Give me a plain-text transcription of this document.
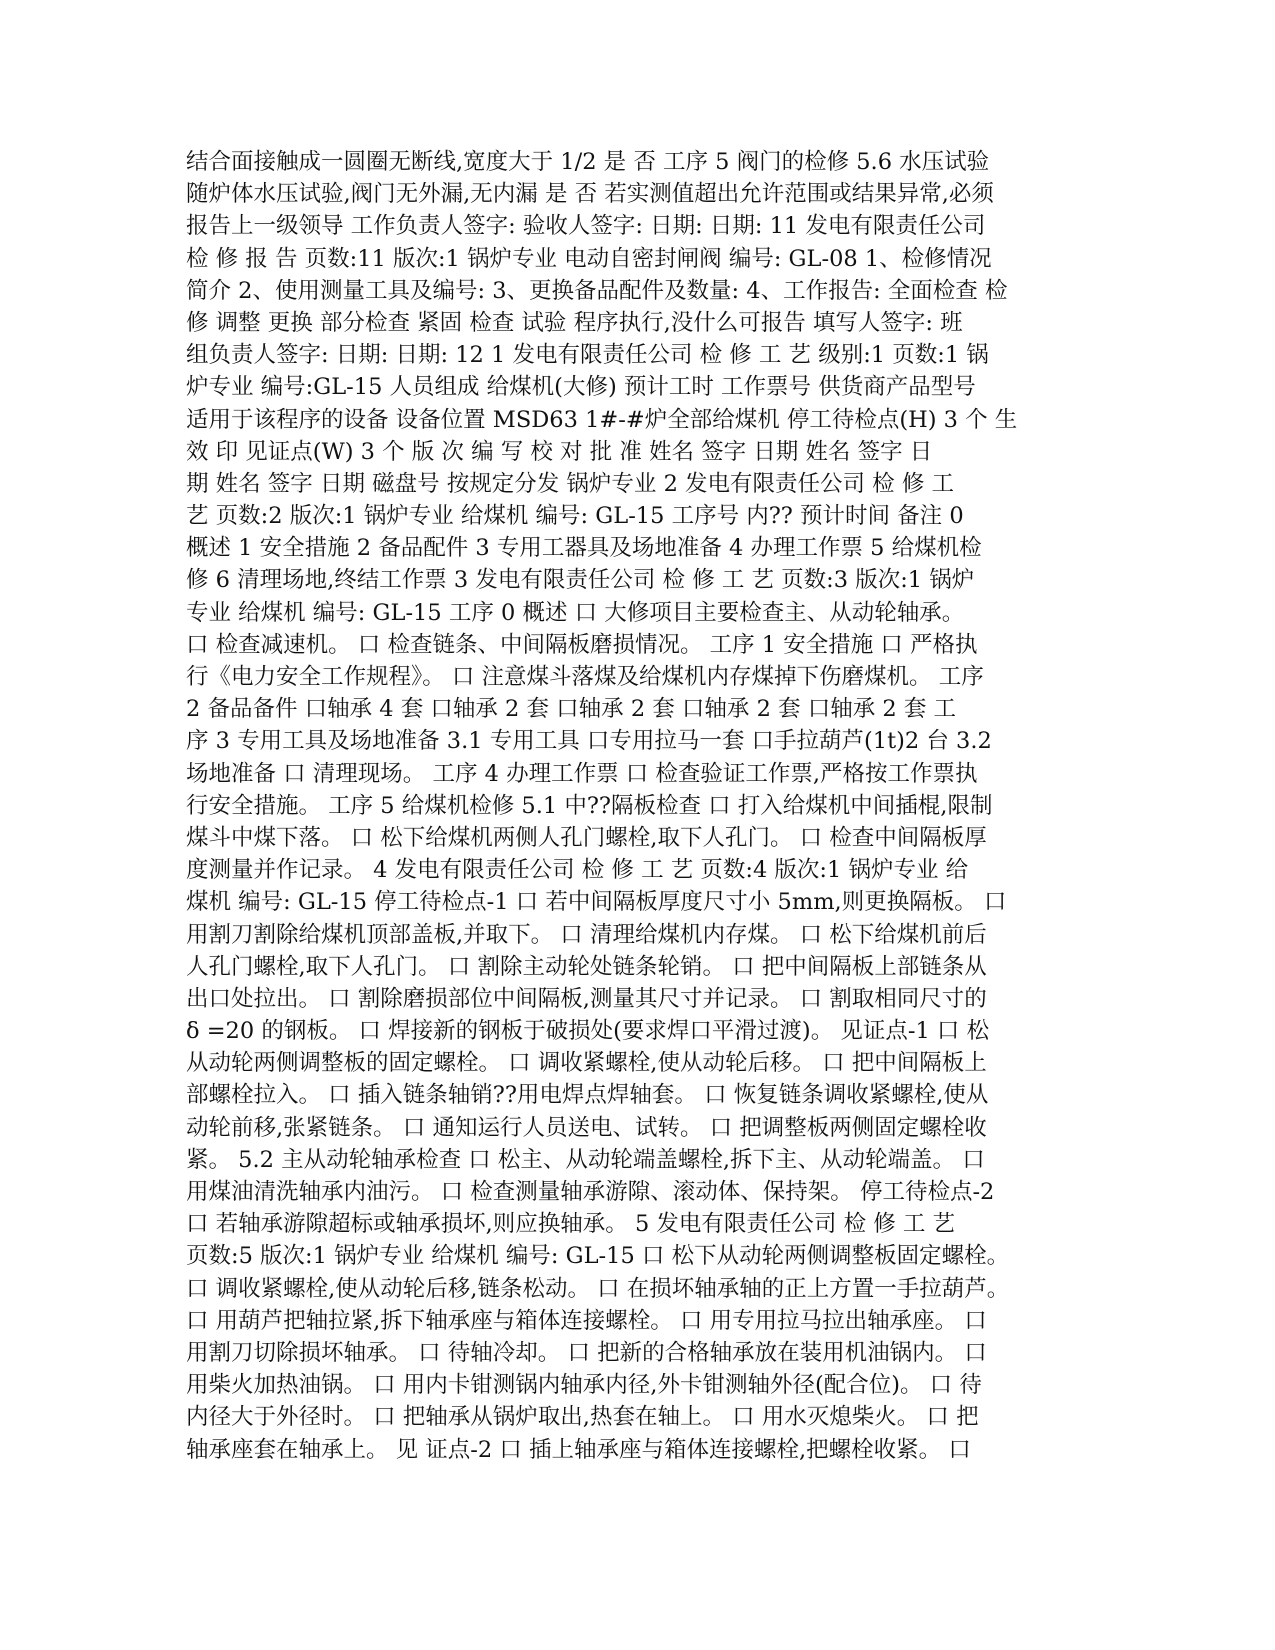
结合面接触成一圆圈无断线,宽度大于 1/2 是 否 工序 5 阀门的检修 5.6 水压试验
随炉体水压试验,阀门无外漏,无内漏 是 否 若实测值超出允许范围或结果异常,必须
报告上一级领导 工作负责人签字: 验收人签字: 日期: 日期: 11 发电有限责任公司
检 修 报 告 页数:11 版次:1 锅炉专业 电动自密封闸阀 编号: GL-08 1、检修情况
简介 2、使用测量工具及编号: 3、更换备品配件及数量: 4、工作报告: 全面检查 检
修 调整 更换 部分检查 紧固 检查 试验 程序执行,没什么可报告 填写人签字: 班
组负责人签字: 日期: 日期: 12 1 发电有限责任公司 检 修 工 艺 级别:1 页数:1 锅
炉专业 编号:GL-15 人员组成 给煤机(大修) 预计工时 工作票号 供货商产品型号
适用于该程序的设备 设备位置 MSD63 1#-#炉全部给煤机 停工待检点(H) 3 个 生
效 印 见证点(W) 3 个 版 次 编 写 校 对 批 准 姓名 签字 日期 姓名 签字 日
期 姓名 签字 日期 磁盘号 按规定分发 锅炉专业 2 发电有限责任公司 检 修 工
艺 页数:2 版次:1 锅炉专业 给煤机 编号: GL-15 工序号 内?? 预计时间 备注 0
概述 1 安全措施 2 备品配件 3 专用工器具及场地准备 4 办理工作票 5 给煤机检
修 6 清理场地,终结工作票 3 发电有限责任公司 检 修 工 艺 页数:3 版次:1 锅炉
专业 给煤机 编号: GL-15 工序 0 概述 口 大修项目主要检查主、从动轮轴承。
口 检查减速机。 口 检查链条、中间隔板磨损情况。 工序 1 安全措施 口 严格执
行《电力安全工作规程》。 口 注意煤斗落煤及给煤机内存煤掉下伤磨煤机。 工序
2 备品备件 口轴承 4 套 口轴承 2 套 口轴承 2 套 口轴承 2 套 口轴承 2 套 工
序 3 专用工具及场地准备 3.1 专用工具 口专用拉马一套 口手拉葫芦(1t)2 台 3.2
场地准备 口 清理现场。 工序 4 办理工作票 口 检查验证工作票,严格按工作票执
行安全措施。 工序 5 给煤机检修 5.1 中??隔板检查 口 打入给煤机中间插棍,限制
煤斗中煤下落。 口 松下给煤机两侧人孔门螺栓,取下人孔门。 口 检查中间隔板厚
度测量并作记录。 4 发电有限责任公司 检 修 工 艺 页数:4 版次:1 锅炉专业 给
煤机 编号: GL-15 停工待检点-1 口 若中间隔板厚度尺寸小 5mm,则更换隔板。 口
用割刀割除给煤机顶部盖板,并取下。 口 清理给煤机内存煤。 口 松下给煤机前后
人孔门螺栓,取下人孔门。 口 割除主动轮处链条轮销。 口 把中间隔板上部链条从
出口处拉出。 口 割除磨损部位中间隔板,测量其尺寸并记录。 口 割取相同尺寸的
δ =20 的钢板。 口 焊接新的钢板于破损处(要求焊口平滑过渡)。 见证点-1 口 松
从动轮两侧调整板的固定螺栓。 口 调收紧螺栓,使从动轮后移。 口 把中间隔板上
部螺栓拉入。 口 插入链条轴销??用电焊点焊轴套。 口 恢复链条调收紧螺栓,使从
动轮前移,张紧链条。 口 通知运行人员送电、试转。 口 把调整板两侧固定螺栓收
紧。 5.2 主从动轮轴承检查 口 松主、从动轮端盖螺栓,拆下主、从动轮端盖。 口
用煤油清洗轴承内油污。 口 检查测量轴承游隙、滚动体、保持架。 停工待检点-2
口 若轴承游隙超标或轴承损坏,则应换轴承。 5 发电有限责任公司 检 修 工 艺
页数:5 版次:1 锅炉专业 给煤机 编号: GL-15 口 松下从动轮两侧调整板固定螺栓。
口 调收紧螺栓,使从动轮后移,链条松动。 口 在损坏轴承轴的正上方置一手拉葫芦。
口 用葫芦把轴拉紧,拆下轴承座与箱体连接螺栓。 口 用专用拉马拉出轴承座。 口
用割刀切除损坏轴承。 口 待轴冷却。 口 把新的合格轴承放在装用机油锅内。 口
用柴火加热油锅。 口 用内卡钳测锅内轴承内径,外卡钳测轴外径(配合位)。 口 待
内径大于外径时。 口 把轴承从锅炉取出,热套在轴上。 口 用水灭熄柴火。 口 把
轴承座套在轴承上。 见 证点-2 口 插上轴承座与箱体连接螺栓,把螺栓收紧。 口
